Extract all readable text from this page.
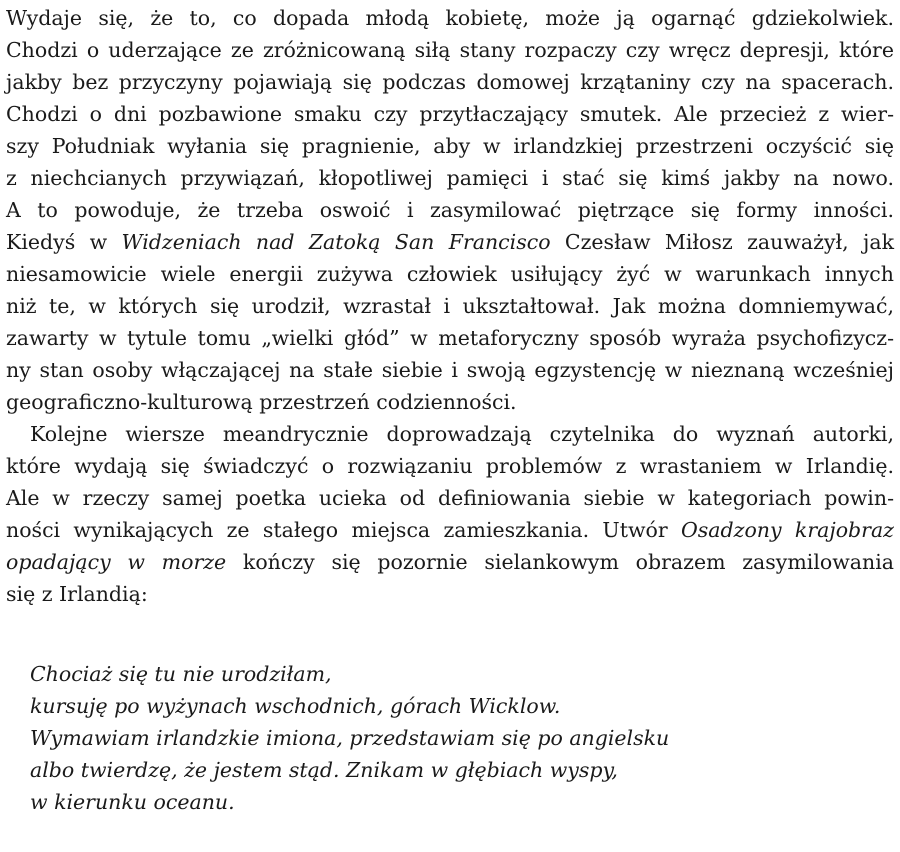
Wydaje się, że to, co dopada młodą kobietę, może ją ogarnąć gdziekolwiek.
Chodzi o uderzające ze zróżnicowaną siłą stany rozpaczy czy wręcz depresji, które
jakby bez przyczyny pojawiają się podczas domowej krzątaniny czy na spacerach.
Chodzi o dni pozbawione smaku czy przytłaczający smutek. Ale przecież z wier-
szy Południak wyłania się pragnienie, aby w irlandzkiej przestrzeni oczyścić się
z niechcianych przywiązań, kłopotliwej pamięci i stać się kimś jakby na nowo.
A to powoduje, że trzeba oswoić i zasymilować piętrzące się formy inności.
Kiedyś w Widzeniach nad Zatoką San Francisco Czesław Miłosz zauważył, jak
niesamowicie wiele energii zużywa człowiek usiłujący żyć w warunkach innych
niż te, w których się urodził, wzrastał i ukształtował. Jak można domniemywać,
zawarty w tytule tomu „wielki głód” w metaforyczny sposób wyraża psychofizycz-
ny stan osoby włączającej na stałe siebie i swoją egzystencję w nieznaną wcześniej
geograficzno-kulturową przestrzeń codzienności.
Kolejne wiersze meandrycznie doprowadzają czytelnika do wyznań autorki,
które wydają się świadczyć o rozwiązaniu problemów z wrastaniem w Irlandię.
Ale w rzeczy samej poetka ucieka od definiowania siebie w kategoriach powin-
ności wynikających ze stałego miejsca zamieszkania. Utwór Osadzony krajobraz
opadający w morze kończy się pozornie sielankowym obrazem zasymilowania
się z Irlandią:
Chociaż się tu nie urodziłam,
kursuję po wyżynach wschodnich, górach Wicklow.
Wymawiam irlandzkie imiona, przedstawiam się po angielsku
albo twierdzę, że jestem stąd. Znikam w głębiach wyspy,
w kierunku oceanu.
